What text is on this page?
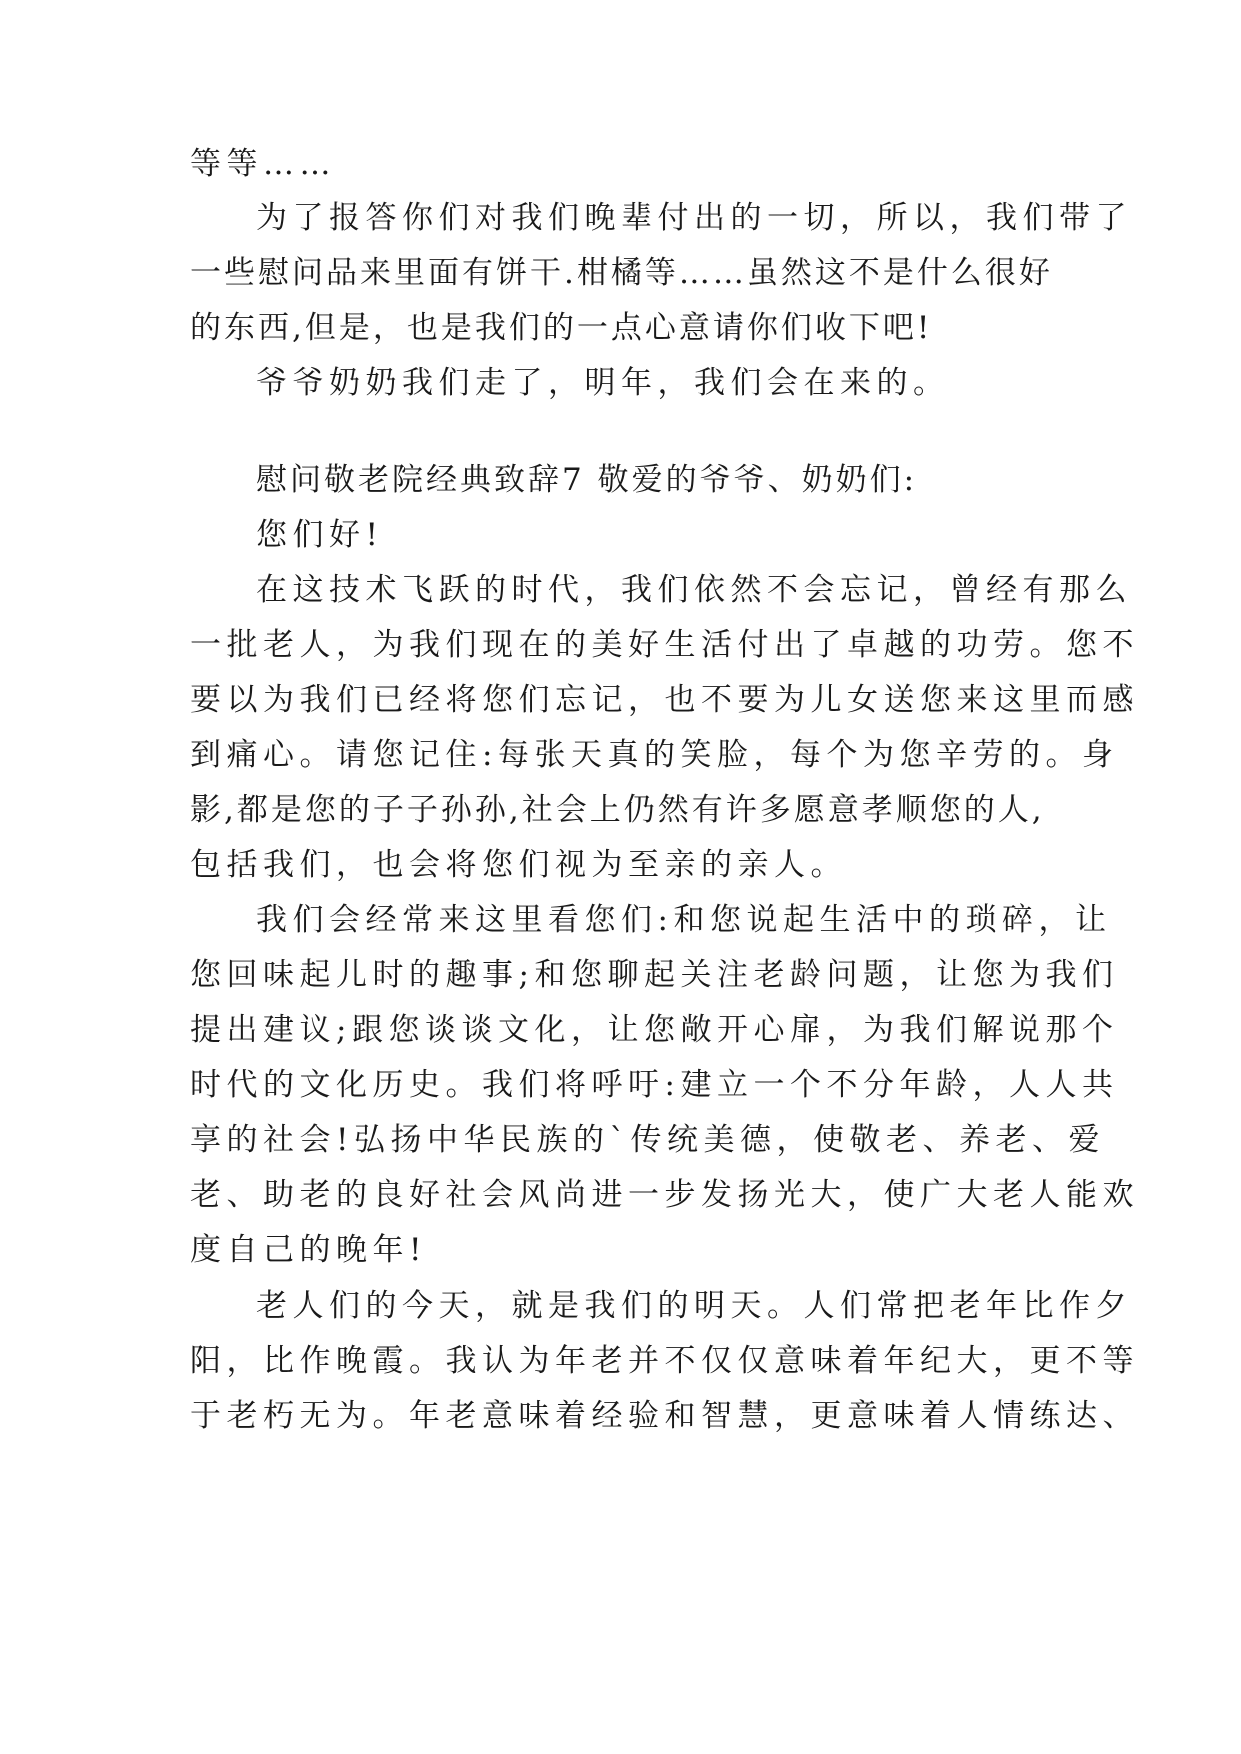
等等……
为了报答你们对我们晚辈付出的一切，所以，我们带了
一些慰问品来里面有饼干.柑橘等……虽然这不是什么很好
的东西,但是，也是我们的一点心意请你们收下吧!
爷爷奶奶我们走了，明年，我们会在来的。
慰问敬老院经典致辞7 敬爱的爷爷、奶奶们:
您们好!
在这技术飞跃的时代，我们依然不会忘记，曾经有那么
一批老人，为我们现在的美好生活付出了卓越的功劳。您不
要以为我们已经将您们忘记，也不要为儿女送您来这里而感
到痛心。请您记住:每张天真的笑脸，每个为您辛劳的。身
影,都是您的子子孙孙,社会上仍然有许多愿意孝顺您的人,
包括我们，也会将您们视为至亲的亲人。
我们会经常来这里看您们:和您说起生活中的琐碎，让
您回味起儿时的趣事;和您聊起关注老龄问题，让您为我们
提出建议;跟您谈谈文化，让您敞开心扉，为我们解说那个
时代的文化历史。我们将呼吁:建立一个不分年龄，人人共
享的社会!弘扬中华民族的`传统美德，使敬老、养老、爱
老、助老的良好社会风尚进一步发扬光大，使广大老人能欢
度自己的晚年!
老人们的今天，就是我们的明天。人们常把老年比作夕
阳，比作晚霞。我认为年老并不仅仅意味着年纪大，更不等
于老朽无为。年老意味着经验和智慧，更意味着人情练达、
